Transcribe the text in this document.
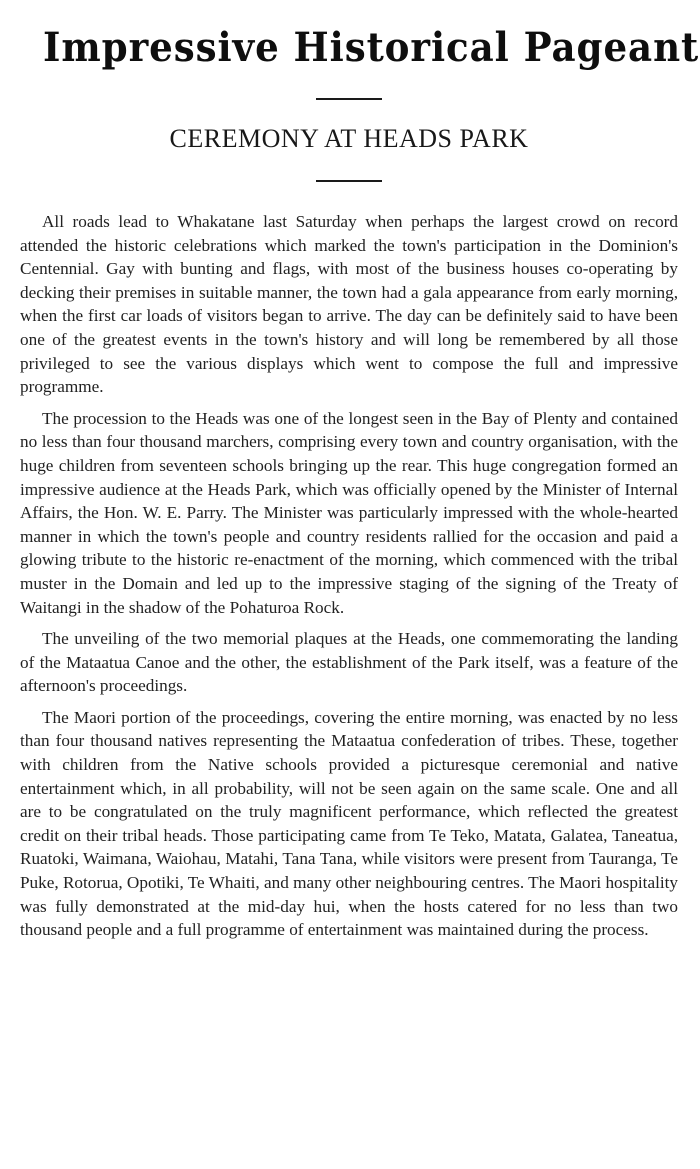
Impressive Historical Pageant
CEREMONY AT HEADS PARK

All roads lead to Whakatane last Saturday when perhaps the largest crowd on record attended the historic celebrations which marked the town's participation in the Dominion's Centennial. Gay with bunting and flags, with most of the business houses co-operating by decking their premises in suitable manner, the town had a gala appearance from early morning, when the first car loads of visitors began to arrive. The day can be definitely said to have been one of the greatest events in the town's history and will long be remembered by all those privileged to see the various displays which went to compose the full and impressive programme.

The procession to the Heads was one of the longest seen in the Bay of Plenty and contained no less than four thousand marchers, comprising every town and country organisation, with the huge children from seventeen schools bringing up the rear. This huge congregation formed an impressive audience at the Heads Park, which was officially opened by the Minister of Internal Affairs, the Hon. W. E. Parry. The Minister was particularly impressed with the whole-hearted manner in which the town's people and country residents rallied for the occasion and paid a glowing tribute to the historic re-enactment of the morning, which commenced with the tribal muster in the Domain and led up to the impressive staging of the signing of the Treaty of Waitangi in the shadow of the Pohaturoa Rock.

The unveiling of the two memorial plaques at the Heads, one commemorating the landing of the Mataatua Canoe and the other, the establishment of the Park itself, was a feature of the afternoon's proceedings.

The Maori portion of the proceedings, covering the entire morning, was enacted by no less than four thousand natives representing the Mataatua confederation of tribes. These, together with children from the Native schools provided a picturesque ceremonial and native entertainment which, in all probability, will not be seen again on the same scale. One and all are to be congratulated on the truly magnificent performance, which reflected the greatest credit on their tribal heads. Those participating came from Te Teko, Matata, Galatea, Taneatua, Ruatoki, Waimana, Waiohau, Matahi, Tana Tana, while visitors were present from Tauranga, Te Puke, Rotorua, Opotiki, Te Whaiti, and many other neighbouring centres. The Maori hospitality was fully demonstrated at the mid-day hui, when the hosts catered for no less than two thousand people and a full programme of entertainment was maintained during the process.
